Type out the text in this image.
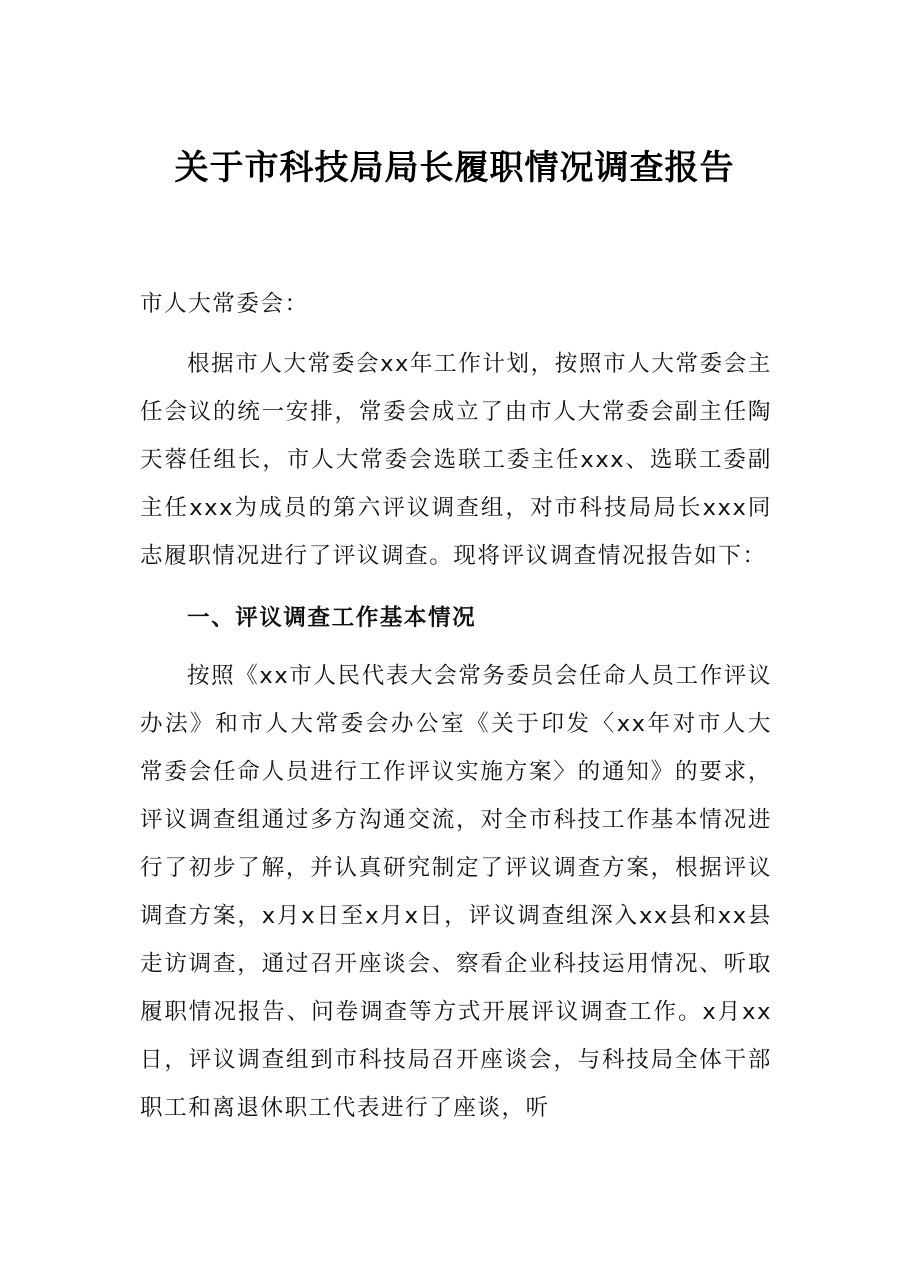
关于市科技局局长履职情况调查报告

市人大常委会：

根据市人大常委会xx年工作计划，按照市人大常委会主任会议的统一安排，常委会成立了由市人大常委会副主任陶天蓉任组长，市人大常委会选联工委主任xxx、选联工委副主任xxx为成员的第六评议调查组，对市科技局局长xxx同志履职情况进行了评议调查。现将评议调查情况报告如下：

一、评议调查工作基本情况

按照《xx市人民代表大会常务委员会任命人员工作评议办法》和市人大常委会办公室《关于印发〈xx年对市人大常委会任命人员进行工作评议实施方案〉的通知》的要求，评议调查组通过多方沟通交流，对全市科技工作基本情况进行了初步了解，并认真研究制定了评议调查方案，根据评议调查方案，x月x日至x月x日，评议调查组深入xx县和xx县走访调查，通过召开座谈会、察看企业科技运用情况、听取履职情况报告、问卷调查等方式开展评议调查工作。x月xx日，评议调查组到市科技局召开座谈会，与科技局全体干部职工和离退休职工代表进行了座谈，听
